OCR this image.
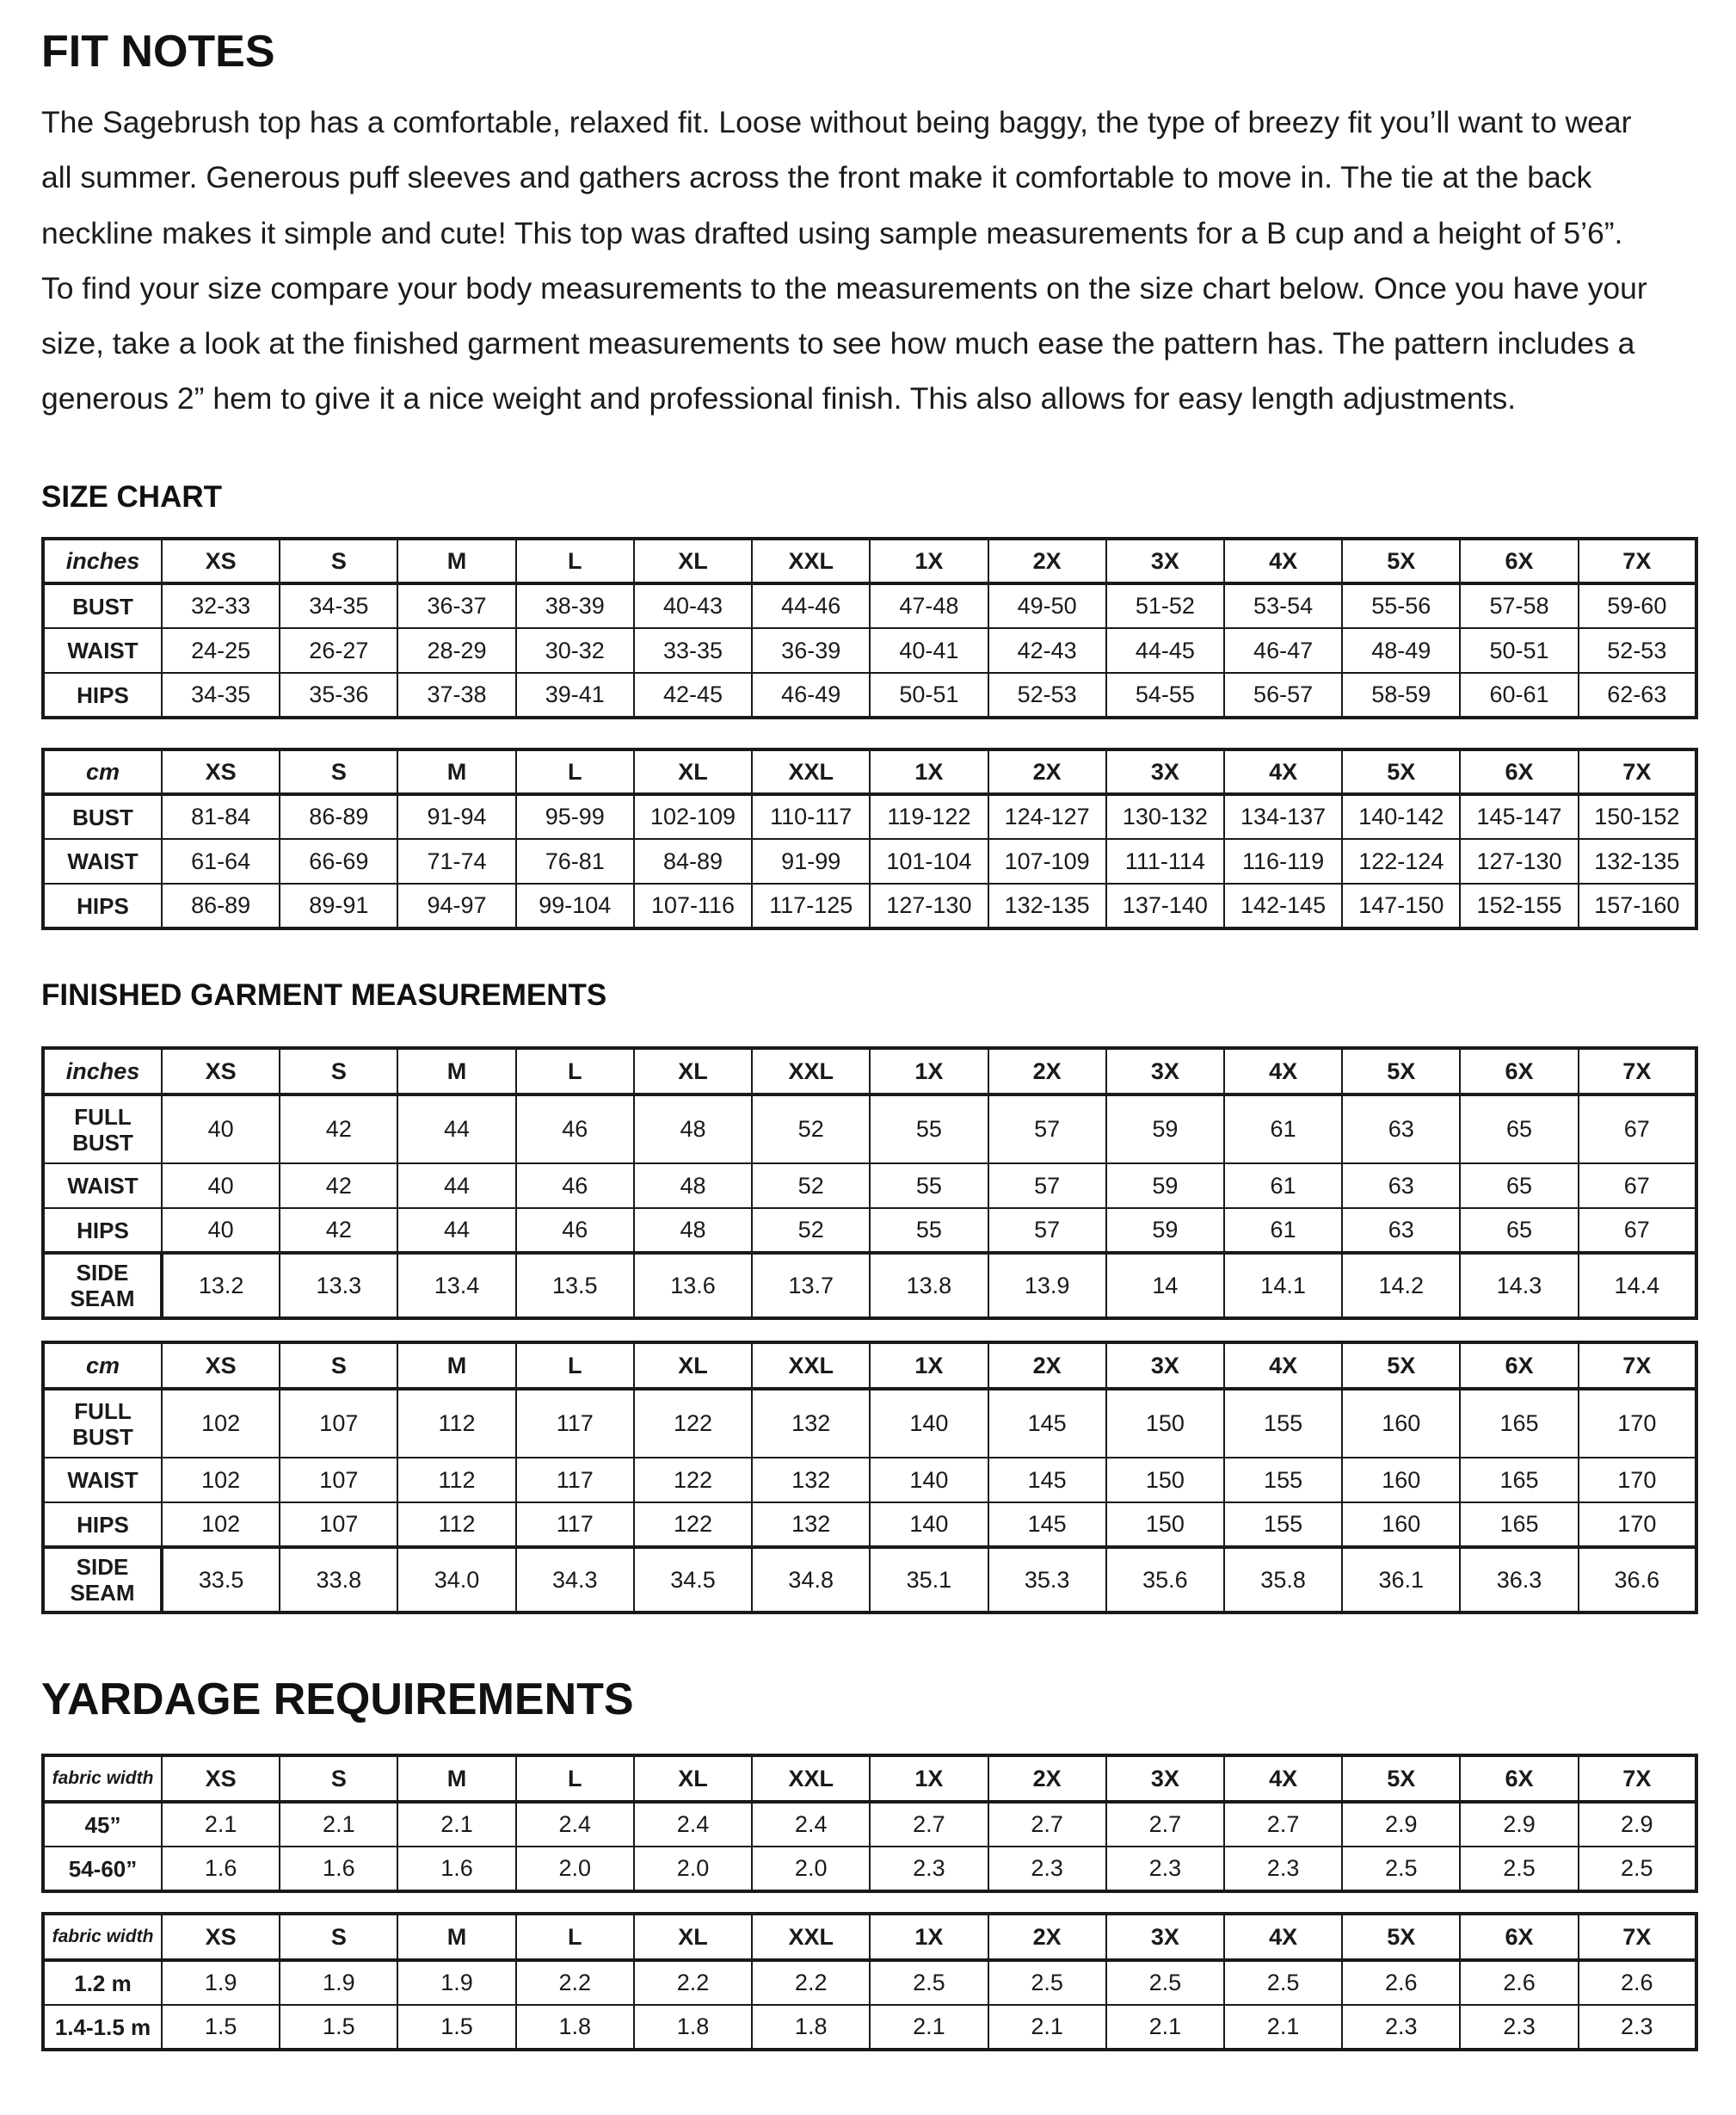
FIT NOTES

The Sagebrush top has a comfortable, relaxed fit. Loose without being baggy, the type of breezy fit you’ll want to wear
all summer. Generous puff sleeves and gathers across the front make it comfortable to move in. The tie at the back
neckline makes it simple and cute! This top was drafted using sample measurements for a B cup and a height of 5’6”.
To find your size compare your body measurements to the measurements on the size chart below. Once you have your
size, take a look at the finished garment measurements to see how much ease the pattern has. The pattern includes a
generous 2” hem to give it a nice weight and professional finish. This also allows for easy length adjustments.

SIZE CHART
inches	XS	S	M	L	XL	XXL	1X	2X	3X	4X	5X	6X	7X
BUST	32-33	34-35	36-37	38-39	40-43	44-46	47-48	49-50	51-52	53-54	55-56	57-58	59-60
WAIST	24-25	26-27	28-29	30-32	33-35	36-39	40-41	42-43	44-45	46-47	48-49	50-51	52-53
HIPS	34-35	35-36	37-38	39-41	42-45	46-49	50-51	52-53	54-55	56-57	58-59	60-61	62-63
cm	XS	S	M	L	XL	XXL	1X	2X	3X	4X	5X	6X	7X
BUST	81-84	86-89	91-94	95-99	102-109	110-117	119-122	124-127	130-132	134-137	140-142	145-147	150-152
WAIST	61-64	66-69	71-74	76-81	84-89	91-99	101-104	107-109	111-114	116-119	122-124	127-130	132-135
HIPS	86-89	89-91	94-97	99-104	107-116	117-125	127-130	132-135	137-140	142-145	147-150	152-155	157-160
FINISHED GARMENT MEASUREMENTS
inches	XS	S	M	L	XL	XXL	1X	2X	3X	4X	5X	6X	7X
FULL BUST	40	42	44	46	48	52	55	57	59	61	63	65	67
WAIST	40	42	44	46	48	52	55	57	59	61	63	65	67
HIPS	40	42	44	46	48	52	55	57	59	61	63	65	67
SIDE SEAM	13.2	13.3	13.4	13.5	13.6	13.7	13.8	13.9	14	14.1	14.2	14.3	14.4
cm	XS	S	M	L	XL	XXL	1X	2X	3X	4X	5X	6X	7X
FULL BUST	102	107	112	117	122	132	140	145	150	155	160	165	170
WAIST	102	107	112	117	122	132	140	145	150	155	160	165	170
HIPS	102	107	112	117	122	132	140	145	150	155	160	165	170
SIDE SEAM	33.5	33.8	34.0	34.3	34.5	34.8	35.1	35.3	35.6	35.8	36.1	36.3	36.6
YARDAGE REQUIREMENTS
fabric width	XS	S	M	L	XL	XXL	1X	2X	3X	4X	5X	6X	7X
45”	2.1	2.1	2.1	2.4	2.4	2.4	2.7	2.7	2.7	2.7	2.9	2.9	2.9
54-60”	1.6	1.6	1.6	2.0	2.0	2.0	2.3	2.3	2.3	2.3	2.5	2.5	2.5
fabric width	XS	S	M	L	XL	XXL	1X	2X	3X	4X	5X	6X	7X
1.2 m	1.9	1.9	1.9	2.2	2.2	2.2	2.5	2.5	2.5	2.5	2.6	2.6	2.6
1.4-1.5 m	1.5	1.5	1.5	1.8	1.8	1.8	2.1	2.1	2.1	2.1	2.3	2.3	2.3
